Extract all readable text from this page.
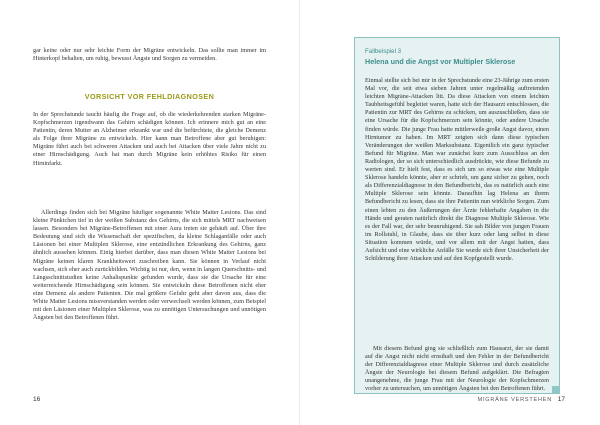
gar keine oder nur sehr leichte Form der Migräne entwickeln. Das sollte man immer im Hinterkopf behalten, um ruhig, bewusst Ängste und Sorgen zu vermeiden.

VORSICHT VOR FEHLDIAGNOSEN

In der Sprechstunde taucht häufig die Frage auf, ob die wiederkehrenden starken Migräne-Kopfschmerzen irgendwann das Gehirn schädigen können. Ich erinnere mich gut an eine Patientin, deren Mutter an Alzheimer erkrankt war und die befürchtete, die gleiche Demenz als Folge ihrer Migräne zu entwickeln. Hier kann man Betroffene aber gut beruhigen: Migräne führt auch bei schweren Attacken und auch bei Attacken über viele Jahre nicht zu einer Hirnschädigung. Auch hat man durch Migräne kein erhöhtes Risiko für einen Hirninfarkt.

Allerdings finden sich bei Migräne häufiger sogenannte White Matter Lesions. Das sind kleine Pünktchen tief in der weißen Substanz des Gehirns, die sich mittels MRT nachweisen lassen. Besonders bei Migräne-Betroffenen mit einer Aura treten sie gehäuft auf. Über ihre Bedeutung sind sich die Wissenschaft der spezifischen, da kleine Schlaganfälle oder auch Läsionen bei einer Multiplen Sklerose, eine entzündlichen Erkrankung des Gehirns, ganz ähnlich aussehen können. Einig hierbei darüber, dass man diesen White Matter Lesions bei Migräne keinen klaren Krankheitswert zuschreiben kann. Sie können in Verlauf nicht wachsen, sich eher auch zurückbilden. Wichtig ist nur, den, wenn in langen Querschnitts- und Längsschnittstudien keine Anhaltspunkte gefunden wurde, dass sie die Ursache für eine weiterreichende Hirnschädigung sein können. Sie entwickeln diese Betroffenen nicht eher eine Demenz als andere Patienten. Die mal größere Gefahr geht aber davon aus, dass die White Matter Lesions missverstanden werden oder verwechselt werden können, zum Beispiel mit den Läsionen einer Multiplen Sklerose, was zu unnötigen Untersuchungen und unnötigen Ängsten bei den Betroffenen führt.

16

Fallbeispiel 3

Helena und die Angst vor Multipler Sklerose

Einmal stellte sich bei mir in der Sprechstunde eine 23-Jährige zum ersten Mal vor, die seit etwa sieben Jahren unter regelmäßig auftretenden leichten Migräne-Attacken litt. Da diese Attacken von einem leichten Taubheitsgefühl begleitet waren, hatte sich der Hausarzt entschlossen, die Patientin zur MRT des Gehirns zu schicken, um auszuschließen, dass sie eine Ursache für die Kopfschmerzen sein könnte, oder andere Ursache finden würde. Die junge Frau hatte mittlerweile große Angst davor, einen Hirntumor zu haben. Im MRT zeigten sich dann diese typischen Veränderungen der weißen Marksubstanz. Eigentlich ein ganz typischer Befund für Migräne. Man war zunächst kurz zum Ausschluss an den Radiologen, der so sich unterschiedlich ausdrückte, wie diese Befunde zu werten sind. Er hielt fest, dass es sich um so etwas wie eine Multiple Sklerose handeln könnte, aber er schrieb, um ganz sicher zu gehen, noch als Differenzialdiagnose in den Befundbericht, das es natürlich auch eine Multiple Sklerose sein könnte. Daraufhin lag Helena an ihrem Befundbericht zu lesen, dass sie ihre Patientin nun wirkliche Sorgen. Zum einen lebten zu den Äußerungen der Ärzte fehlerhafte Angaben in die Hände und geraten natürlich direkt die Diagnose Multiple Sklerose. Wie es der Fall war, der sehr beunruhigend. Sie sah Bilder von jungen Frauen im Rollstuhl, in Glaube, dass sie über kurz oder lang selbst in diese Situation kommen würde, und vor allem mit der Angst hatten, dass Aufsicht und eine wirkliche Anfälle Sie wurde sich ihrer Unsicherheit der Schilderung ihrer Attacken und auf den Kopfgestellt wurde.

Mit diesem Befund ging sie schließlich zum Hausarzt, der sie damit auf die Angst nicht nicht ernsthaft und den Fehler in der Befundbericht der Differenzialdiagnose einer Multiple Sklerose und durch zusätzliche Ängste der Neurologie bei diesem Befund aufgeklärt. Die Befragten unangenehme, die junge Frau mit der Neurologie der Kopfschmerzen vorher zu untersuchen, um unnötigen Ängsten bei den Betroffenen führt.

MIGRÄNE VERSTEHEN 17
